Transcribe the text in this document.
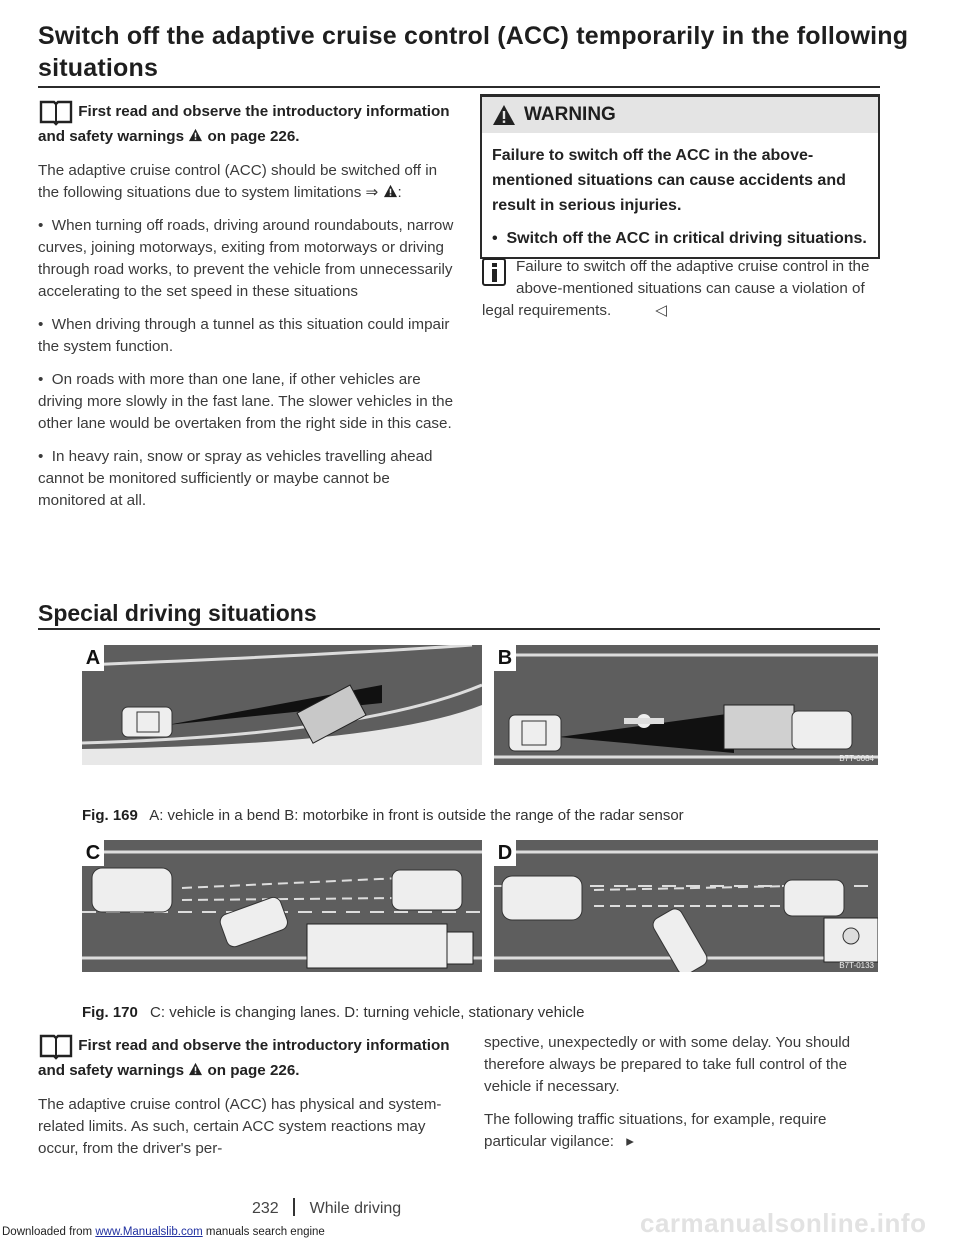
Switch off the adaptive cruise control (ACC) temporarily in the following
situations

First read and observe the introductory information and safety warnings on page 226.

The adaptive cruise control (ACC) should be switched off in the following situations due to system limitations ⇒ :

•  When turning off roads, driving around roundabouts, narrow curves, joining motorways, exiting from motorways or driving through road works, to prevent the vehicle from unnecessarily accelerating to the set speed in these situations

•  When driving through a tunnel as this situation could impair the system function.

•  On roads with more than one lane, if other vehicles are driving more slowly in the fast lane. The slower vehicles in the other lane would be overtaken from the right side in this case.

•  In heavy rain, snow or spray as vehicles travelling ahead cannot be monitored sufficiently or maybe cannot be monitored at all.

WARNING

Failure to switch off the ACC in the above-mentioned situations can cause accidents and result in serious injuries.

•  Switch off the ACC in critical driving situations.

Failure to switch off the adaptive cruise control in the above-mentioned situations can cause a violation of legal requirements.	◁
Special driving situations
A	B
B7T-0084
Fig. 169 A: vehicle in a bend B: motorbike in front is outside the range of the radar sensor
C	D
B7T-0133
Fig. 170 C: vehicle is changing lanes. D: turning vehicle, stationary vehicle

First read and observe the introductory information and safety warnings on page 226.

The adaptive cruise control (ACC) has physical and system-related limits. As such, certain ACC system reactions may occur, from the driver's per-

spective, unexpectedly or with some delay. You should therefore always be prepared to take full control of the vehicle if necessary.

The following traffic situations, for example, require particular vigilance: ▸

232 While driving
Downloaded from www.Manualslib.com manuals search engine	carmanualsonline.info
